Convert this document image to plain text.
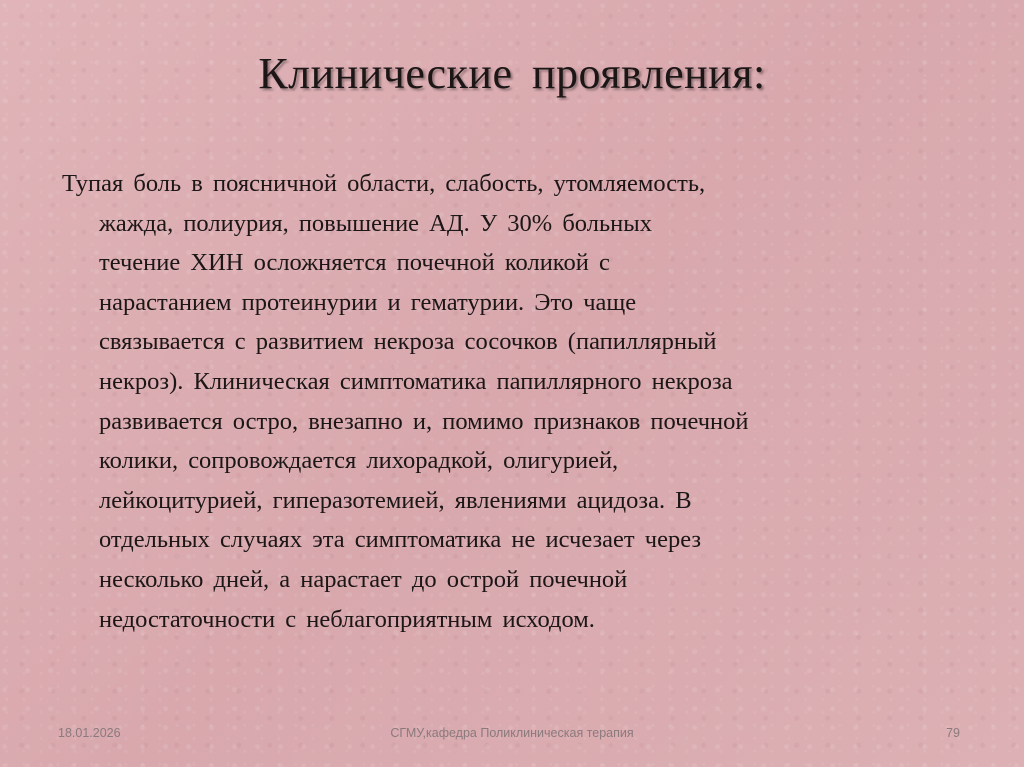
Клинические проявления:
Тупая боль в поясничной области, слабость, утомляемость,
жажда, полиурия, повышение АД. У 30% больных
течение ХИН осложняется почечной коликой с
нарастанием протеинурии и гематурии. Это чаще
связывается с развитием некроза сосочков (папиллярный
некроз). Клиническая симптоматика папиллярного некроза
развивается остро, внезапно и, помимо признаков почечной
колики, сопровождается лихорадкой, олигурией,
лейкоцитурией, гиперазотемией, явлениями ацидоза. В
отдельных случаях эта симптоматика не исчезает через
несколько дней, а нарастает до острой почечной
недостаточности с неблагоприятным исходом.
18.01.2026	СГМУ,кафедра Поликлиническая терапия	79
